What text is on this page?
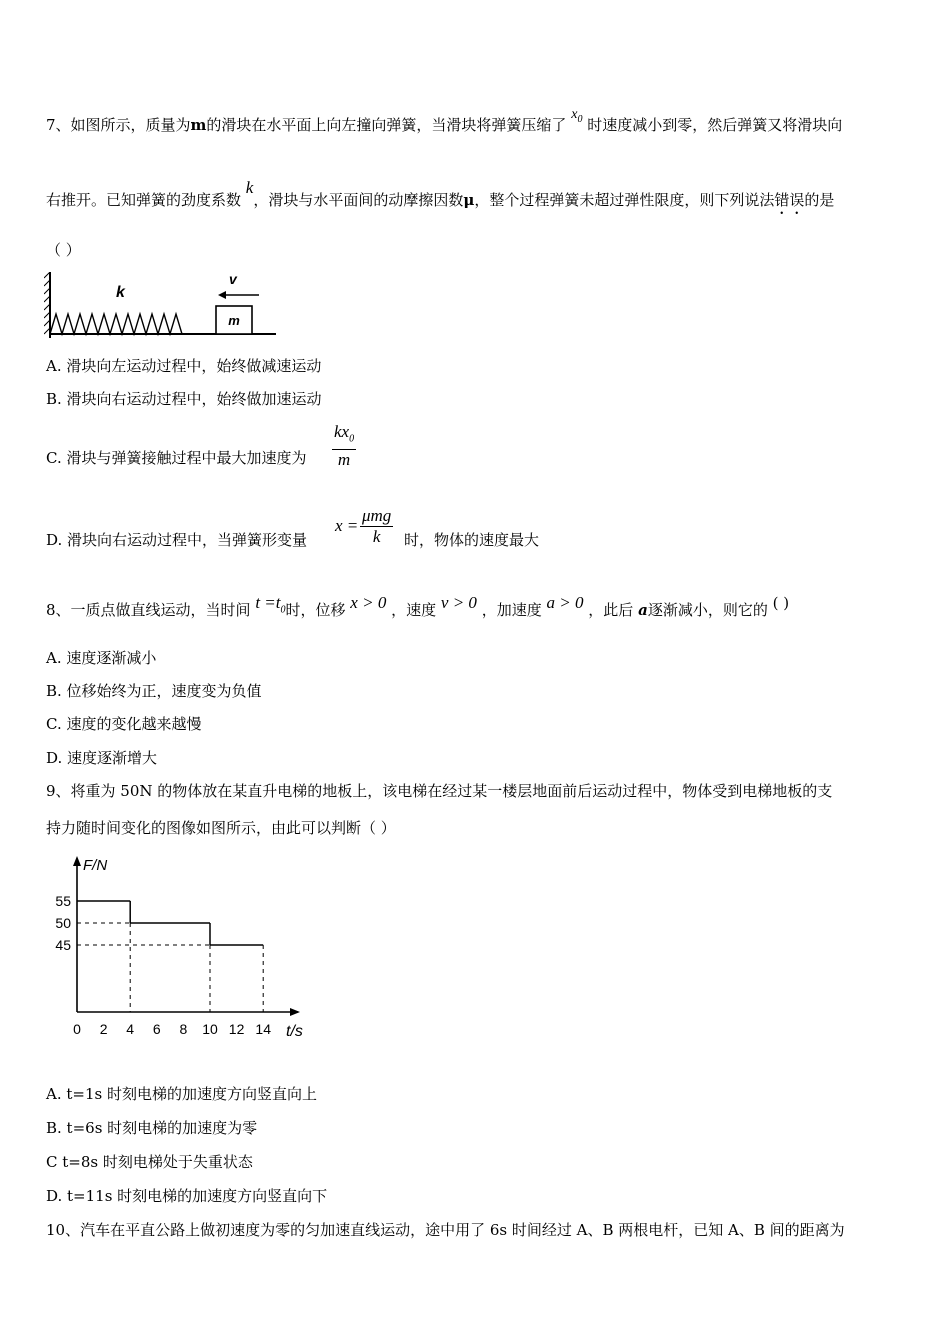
7、如图所示，质量为m的滑块在水平面上向左撞向弹簧，当滑块将弹簧压缩了 $x_0$ 时速度减小到零，然后弹簧又将滑块向
右推开。已知弹簧的劲度系数 k，滑块与水平面间的动摩擦因数μ，整个过程弹簧未超过弹性限度，则下列说法错误的是
（ ）
m
k
v
A. 滑块向左运动过程中，始终做减速运动
B. 滑块向右运动过程中，始终做加速运动
C. 滑块与弹簧接触过程中最大加速度为 $\frac{kx_0}{m}$
D. 滑块向右运动过程中，当弹簧形变量
x =
μmg
k	时，物体的速度最大
8、一质点做直线运动，当时间 $t =t_0$时，位移 x > 0 ，速度 v > 0 ，加速度 a > 0 ，此后 a逐渐减小，则它的 ( )
A. 速度逐渐减小
B. 位移始终为正，速度变为负值
C. 速度的变化越来越慢
D. 速度逐渐增大
9、将重为 50N 的物体放在某直升电梯的地板上，该电梯在经过某一楼层地面前后运动过程中，物体受到电梯地板的支
持力随时间变化的图像如图所示，由此可以判断（ ）
F/N
t/s
0 2 4 6 8 10 12 14
45
50
55
A. t=1s 时刻电梯的加速度方向竖直向上
B. t=6s 时刻电梯的加速度为零
C t=8s 时刻电梯处于失重状态
D. t=11s 时刻电梯的加速度方向竖直向下
10、汽车在平直公路上做初速度为零的匀加速直线运动，途中用了 6s 时间经过 A、B 两根电杆，已知 A、B 间的距离为
